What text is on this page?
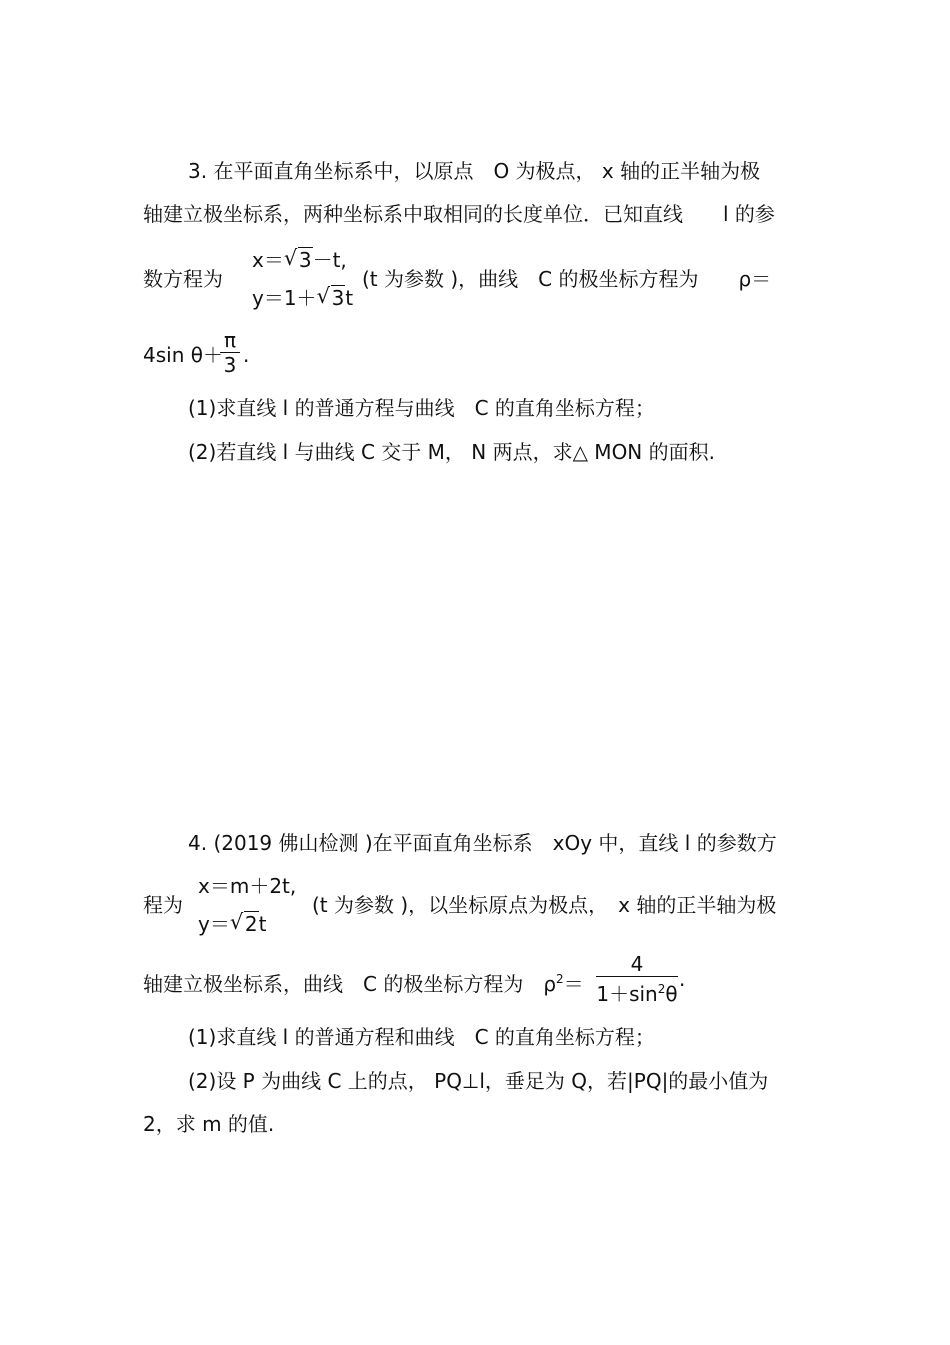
3. 在平面直角坐标系中，以原点　O 为极点， x 轴的正半轴为极
轴建立极坐标系，两种坐标系中取相同的长度单位．已知直线　　l 的参
数方程为
x＝ √ 3－t,
y＝1＋ √ 3t
(t 为参数 )，曲线　C 的极坐标方程为　　ρ＝
4sin θ＋
π
3 .
(1)求直线 l 的普通方程与曲线　C 的直角坐标方程；
(2)若直线 l 与曲线 C 交于 M， N 两点，求△ MON 的面积.
4. (2019 佛山检测 )在平面直角坐标系　xOy 中，直线 l 的参数方
程为
x＝m＋2t,
y＝ √ 2t
(t 为参数 )，以坐标原点为极点，　x 轴的正半轴为极
轴建立极坐标系，曲线　C 的极坐标方程为　$\rho^2=$
4
$1+\sin^2\theta$
.
(1)求直线 l 的普通方程和曲线　C 的直角坐标方程；
(2)设 P 为曲线 C 上的点， PQ⊥l，垂足为 Q，若|PQ|的最小值为
2，求 m 的值.
